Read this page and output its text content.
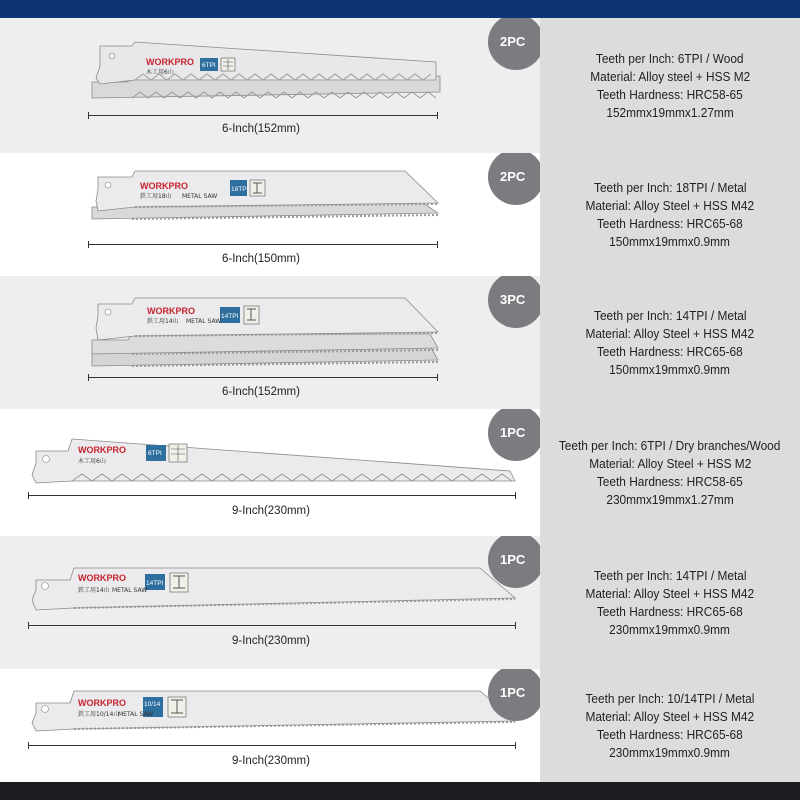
WORKPRO
木工用6山
6TPI
6-Inch(152mm)
2PC
Teeth per Inch: 6TPI / Wood
Material: Alloy steel + HSS M2
Teeth Hardness: HRC58-65
152mmx19mmx1.27mm
WORKPRO
鉄工用18山 METAL SAW
18TPI
6-Inch(150mm)
2PC
Teeth per Inch: 18TPI / Metal
Material: Alloy Steel + HSS M42
Teeth Hardness: HRC65-68
150mmx19mmx0.9mm
WORKPRO
鉄工用14山 METAL SAW
14TPI
6-Inch(152mm)
3PC
Teeth per Inch: 14TPI / Metal
Material: Alloy Steel + HSS M42
Teeth Hardness: HRC65-68
150mmx19mmx0.9mm
WORKPRO
木工用6山
6TPI
9-Inch(230mm)
1PC
Teeth per Inch: 6TPI / Dry branches/Wood
Material: Alloy Steel + HSS M2
Teeth Hardness: HRC58-65
230mmx19mmx1.27mm
WORKPRO
鉄工用14山 METAL SAW
14TPI
9-Inch(230mm)
1PC
Teeth per Inch: 14TPI / Metal
Material: Alloy Steel + HSS M42
Teeth Hardness: HRC65-68
230mmx19mmx0.9mm
WORKPRO
鉄工用10/14山
METAL SAW
10/14
9-Inch(230mm)
1PC	Teeth per Inch: 10/14TPI / Metal
Material: Alloy Steel + HSS M42
Teeth Hardness: HRC65-68
230mmx19mmx0.9mm
